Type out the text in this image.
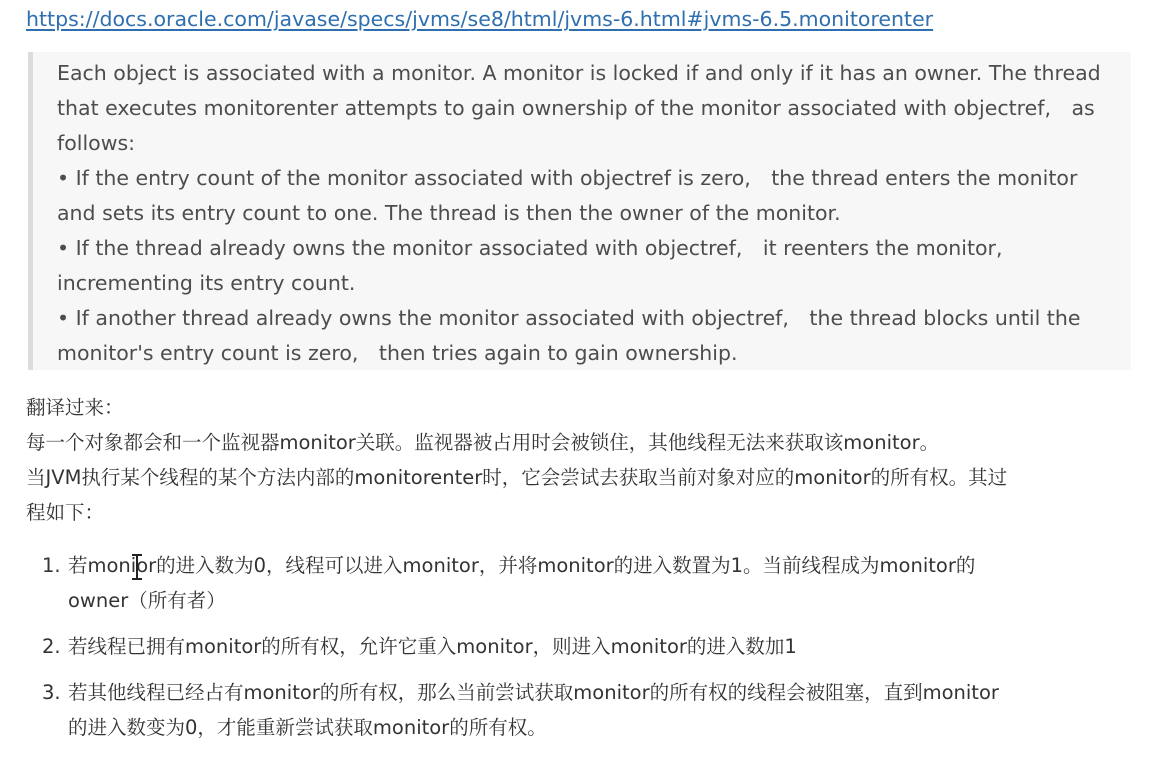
https://docs.oracle.com/javase/specs/jvms/se8/html/jvms-6.html#jvms-6.5.monitorenter
Each object is associated with a monitor. A monitor is locked if and only if it has an owner. The thread
that executes monitorenter attempts to gain ownership of the monitor associated with objectref,　as
follows:
• If the entry count of the monitor associated with objectref is zero,　the thread enters the monitor
and sets its entry count to one. The thread is then the owner of the monitor.
• If the thread already owns the monitor associated with objectref,　it reenters the monitor,
incrementing its entry count.
• If another thread already owns the monitor associated with objectref,　the thread blocks until the
monitor's entry count is zero,　then tries again to gain ownership.
翻译过来：
每一个对象都会和一个监视器monitor关联。监视器被占用时会被锁住，其他线程无法来获取该monitor。
当JVM执行某个线程的某个方法内部的monitorenter时，它会尝试去获取当前对象对应的monitor的所有权。其过
程如下：
1. 若monior的进入数为0，线程可以进入monitor，并将monitor的进入数置为1。当前线程成为monitor的
owner（所有者）
2. 若线程已拥有monitor的所有权，允许它重入monitor，则进入monitor的进入数加1
3. 若其他线程已经占有monitor的所有权，那么当前尝试获取monitor的所有权的线程会被阻塞，直到monitor
的进入数变为0，才能重新尝试获取monitor的所有权。
